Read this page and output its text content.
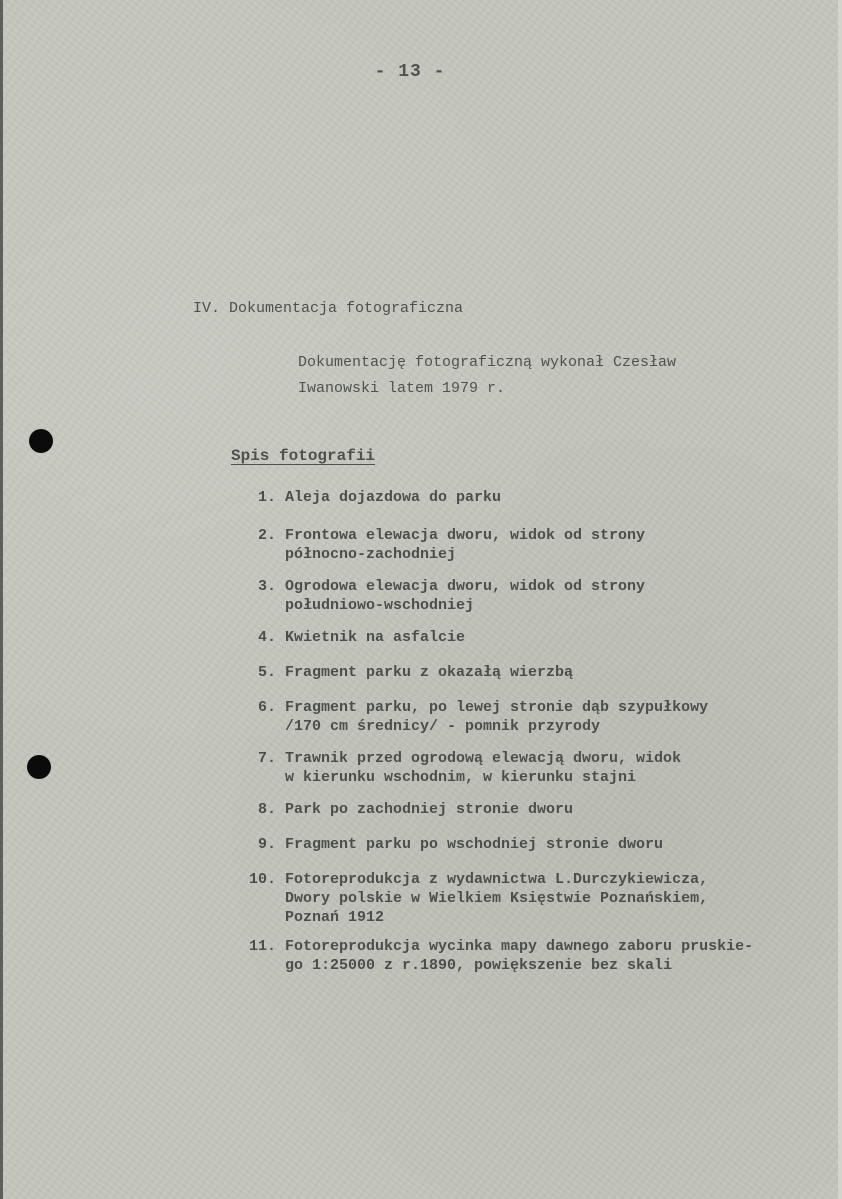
- 13 -
IV. Dokumentacja fotograficzna
Dokumentację fotograficzną wykonał Czesław
Iwanowski latem 1979 r.
Spis fotografii
1. Aleja dojazdowa do parku
2. Frontowa elewacja dworu, widok od strony
północno-zachodniej
3. Ogrodowa elewacja dworu, widok od strony
południowo-wschodniej
4. Kwietnik na asfalcie
5. Fragment parku z okazałą wierzbą
6. Fragment parku, po lewej stronie dąb szypułkowy
/170 cm średnicy/ - pomnik przyrody
7. Trawnik przed ogrodową elewacją dworu, widok
w kierunku wschodnim, w kierunku stajni
8. Park po zachodniej stronie dworu
9. Fragment parku po wschodniej stronie dworu
10. Fotoreprodukcja z wydawnictwa L.Durczykiewicza,
Dwory polskie w Wielkiem Księstwie Poznańskiem,
Poznań 1912
11. Fotoreprodukcja wycinka mapy dawnego zaboru pruskie-
go 1:25000 z r.1890, powiększenie bez skali
